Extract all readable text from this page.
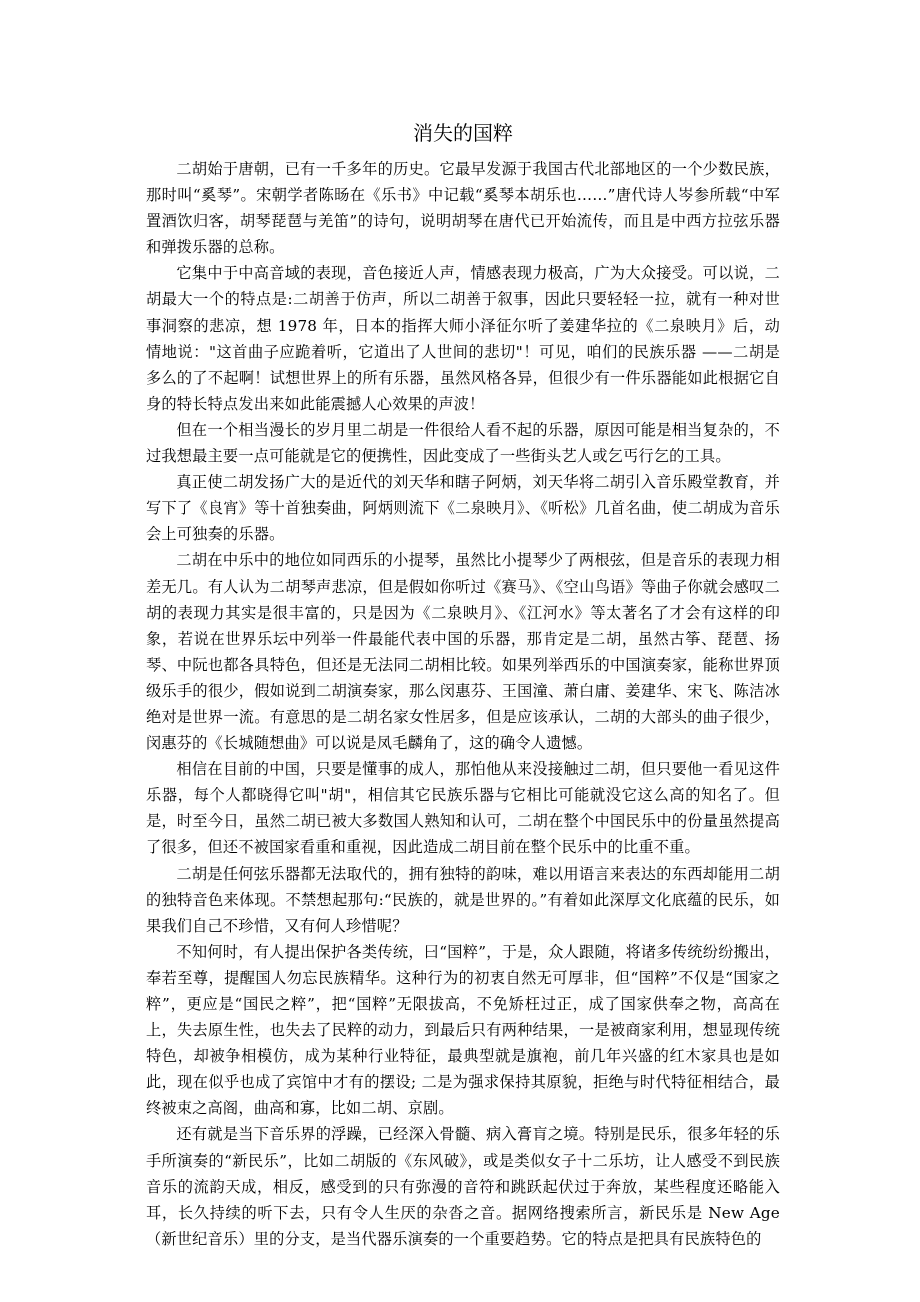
消失的国粹

二胡始于唐朝，已有一千多年的历史。它最早发源于我国古代北部地区的一个少数民族，那时叫“奚琴”。宋朝学者陈旸在《乐书》中记载“奚琴本胡乐也……”唐代诗人岑参所载“中军置酒饮归客，胡琴琵琶与羌笛”的诗句，说明胡琴在唐代已开始流传，而且是中西方拉弦乐器和弹拨乐器的总称。

它集中于中高音域的表现，音色接近人声，情感表现力极高，广为大众接受。可以说，二胡最大一个的特点是:二胡善于仿声，所以二胡善于叙事，因此只要轻轻一拉，就有一种对世事洞察的悲凉，想 1978 年，日本的指挥大师小泽征尔听了姜建华拉的《二泉映月》后，动情地说："这首曲子应跪着听，它道出了人世间的悲切"！可见，咱们的民族乐器 ——二胡是多么的了不起啊！试想世界上的所有乐器，虽然风格各异，但很少有一件乐器能如此根据它自身的特长特点发出来如此能震撼人心效果的声波！

但在一个相当漫长的岁月里二胡是一件很给人看不起的乐器，原因可能是相当复杂的，不过我想最主要一点可能就是它的便携性，因此变成了一些街头艺人或乞丐行乞的工具。

真正使二胡发扬广大的是近代的刘天华和瞎子阿炳，刘天华将二胡引入音乐殿堂教育，并写下了《良宵》等十首独奏曲，阿炳则流下《二泉映月》、《听松》几首名曲，使二胡成为音乐会上可独奏的乐器。

二胡在中乐中的地位如同西乐的小提琴，虽然比小提琴少了两根弦，但是音乐的表现力相差无几。有人认为二胡琴声悲凉，但是假如你听过《赛马》、《空山鸟语》等曲子你就会感叹二胡的表现力其实是很丰富的，只是因为《二泉映月》、《江河水》等太著名了才会有这样的印象，若说在世界乐坛中列举一件最能代表中国的乐器，那肯定是二胡，虽然古筝、琵琶、扬琴、中阮也都各具特色，但还是无法同二胡相比较。如果列举西乐的中国演奏家，能称世界顶级乐手的很少，假如说到二胡演奏家，那么闵惠芬、王国潼、萧白庸、姜建华、宋飞、陈洁冰绝对是世界一流。有意思的是二胡名家女性居多，但是应该承认，二胡的大部头的曲子很少，闵惠芬的《长城随想曲》可以说是凤毛麟角了，这的确令人遗憾。

相信在目前的中国，只要是懂事的成人，那怕他从来没接触过二胡，但只要他一看见这件乐器，每个人都晓得它叫"胡"，相信其它民族乐器与它相比可能就没它这么高的知名了。但是，时至今日，虽然二胡已被大多数国人熟知和认可，二胡在整个中国民乐中的份量虽然提高了很多，但还不被国家看重和重视，因此造成二胡目前在整个民乐中的比重不重。

二胡是任何弦乐器都无法取代的，拥有独特的韵味，难以用语言来表达的东西却能用二胡的独特音色来体现。不禁想起那句:“民族的，就是世界的。”有着如此深厚文化底蕴的民乐，如果我们自己不珍惜，又有何人珍惜呢？

不知何时，有人提出保护各类传统，曰“国粹”，于是，众人跟随，将诸多传统纷纷搬出，奉若至尊，提醒国人勿忘民族精华。这种行为的初衷自然无可厚非，但“国粹”不仅是“国家之粹”，更应是“国民之粹”，把“国粹”无限拔高，不免矫枉过正，成了国家供奉之物，高高在上，失去原生性，也失去了民粹的动力，到最后只有两种结果，一是被商家利用，想显现传统特色，却被争相模仿，成为某种行业特征，最典型就是旗袍，前几年兴盛的红木家具也是如此，现在似乎也成了宾馆中才有的摆设; 二是为强求保持其原貌，拒绝与时代特征相结合，最终被束之高阁，曲高和寡，比如二胡、京剧。

还有就是当下音乐界的浮躁，已经深入骨髓、病入膏肓之境。特别是民乐，很多年轻的乐手所演奏的“新民乐”，比如二胡版的《东风破》，或是类似女子十二乐坊，让人感受不到民族音乐的流韵天成，相反，感受到的只有弥漫的音符和跳跃起伏过于奔放，某些程度还略能入耳，长久持续的听下去，只有令人生厌的杂沓之音。据网络搜索所言，新民乐是 New Age（新世纪音乐）里的分支，是当代器乐演奏的一个重要趋势。它的特点是把具有民族特色的
